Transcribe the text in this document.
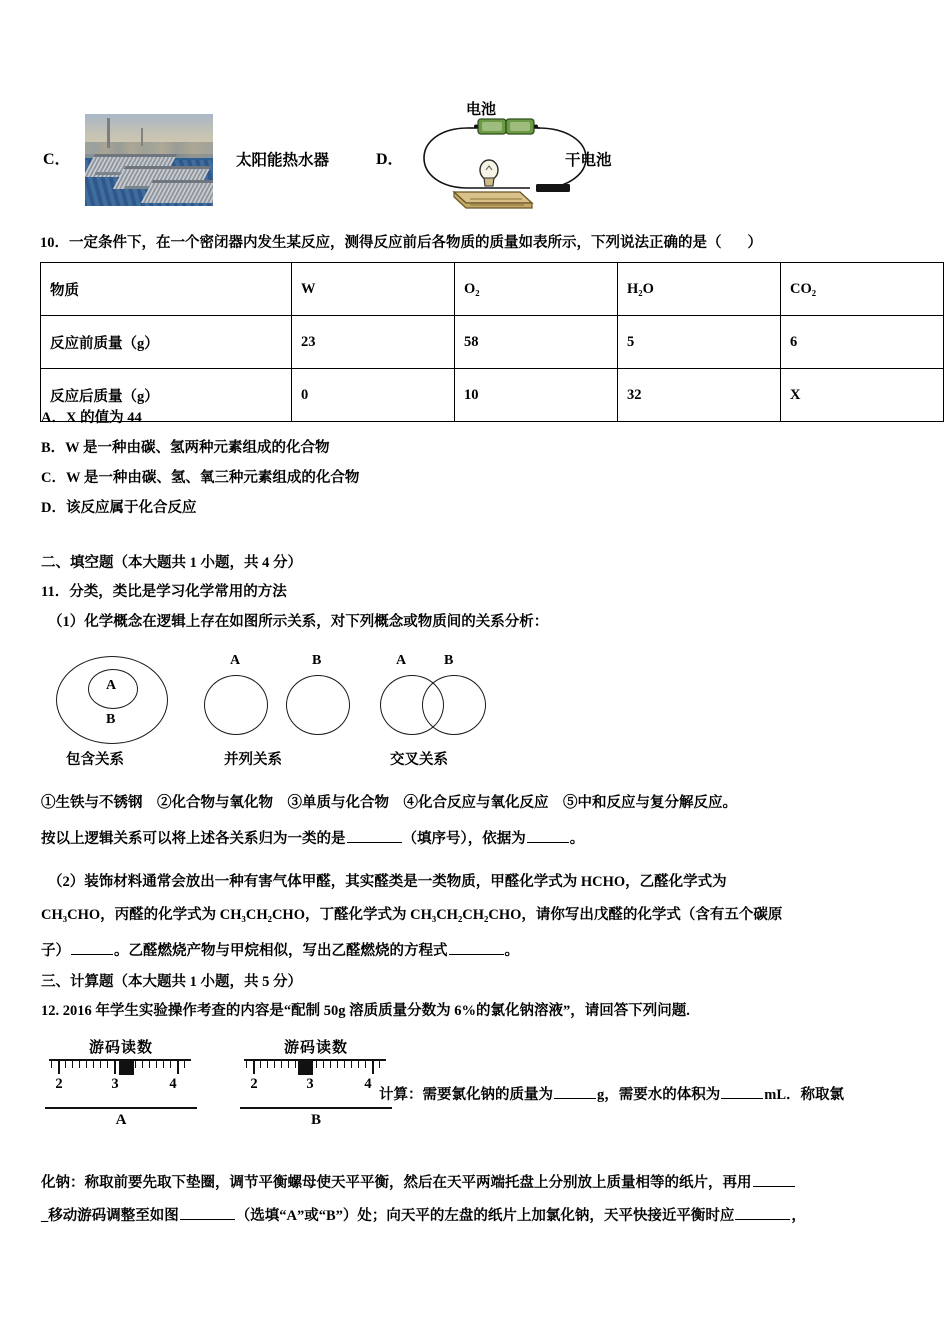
C．	太阳能热水器	D．
电池
干电池
10．一定条件下，在一个密闭器内发生某反应，测得反应前后各物质的质量如表所示，下列说法正确的是（ ）
物质	W	O₂	H₂O	CO₂
反应前质量（g）	23	58	5	6
反应后质量（g）	0	10	32	X
A．X 的值为 44
B．W 是一种由碳、氢两种元素组成的化合物
C．W 是一种由碳、氢、氧三种元素组成的化合物
D．该反应属于化合反应
二、填空题（本大题共 1 小题，共 4 分）
11．分类，类比是学习化学常用的方法
（1）化学概念在逻辑上存在如图所示关系，对下列概念或物质间的关系分析：
A
B
包含关系
A	B
并列关系
A	B
交叉关系
①生铁与不锈钢　②化合物与氧化物　③单质与化合物　④化合反应与氧化反应　⑤中和反应与复分解反应。
按以上逻辑关系可以将上述各关系归为一类的是	（填序号），依据为	。
（2）装饰材料通常会放出一种有害气体甲醛，其实醛类是一类物质，甲醛化学式为 HCHO，乙醛化学式为
CH₃CHO，丙醛的化学式为 CH₃CH₂CHO，丁醛化学式为 CH₃CH₂CH₂CHO，请你写出戊醛的化学式（含有五个碳原
子）	。乙醛燃烧产物与甲烷相似，写出乙醛燃烧的方程式	。
三、计算题（本大题共 1 小题，共 5 分）
12. 2016 年学生实验操作考查的内容是“配制 50g 溶质质量分数为 6%的氯化钠溶液”，请回答下列问题.
游码读数
2	3	4
A
游码读数
2	3	4
B
计算：需要氯化钠的质量为	g，需要水的体积为	mL．称取氯
化钠：称取前要先取下垫圈，调节平衡螺母使天平平衡，然后在天平两端托盘上分别放上质量相等的纸片，再用
_移动游码调整至如图	（选填“A”或“B”）处；向天平的左盘的纸片上加氯化钠，天平快接近平衡时应	，
